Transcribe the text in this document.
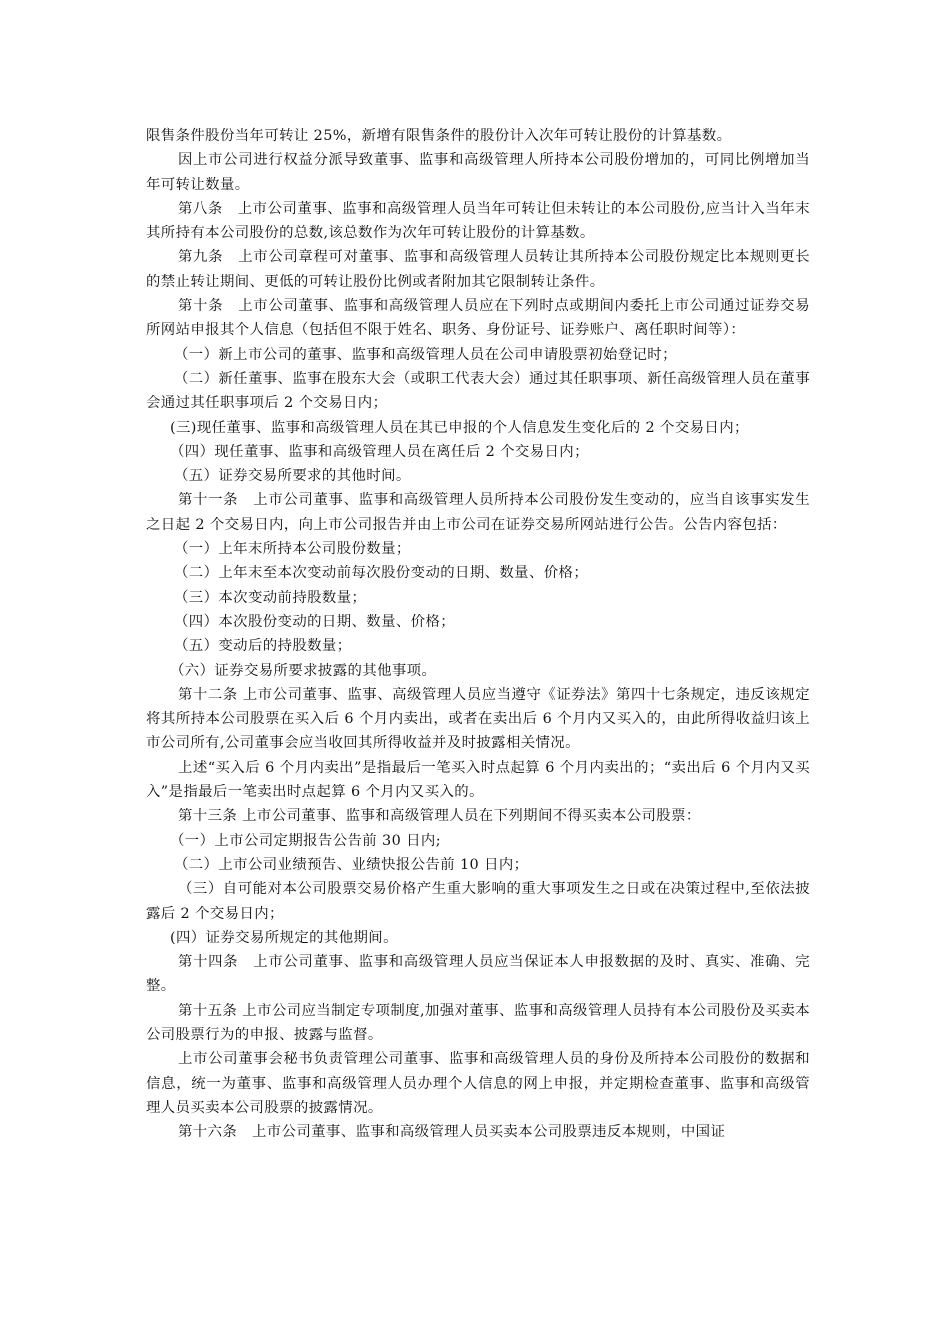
限售条件股份当年可转让 25%，新增有限售条件的股份计入次年可转让股份的计算基数。

因上市公司进行权益分派导致董事、监事和高级管理人所持本公司股份增加的，可同比例增加当年可转让数量。

第八条　上市公司董事、监事和高级管理人员当年可转让但未转让的本公司股份,应当计入当年末其所持有本公司股份的总数,该总数作为次年可转让股份的计算基数。

第九条　上市公司章程可对董事、监事和高级管理人员转让其所持本公司股份规定比本规则更长的禁止转让期间、更低的可转让股份比例或者附加其它限制转让条件。

第十条　上市公司董事、监事和高级管理人员应在下列时点或期间内委托上市公司通过证券交易所网站申报其个人信息（包括但不限于姓名、职务、身份证号、证券账户、离任职时间等）：

（一）新上市公司的董事、监事和高级管理人员在公司申请股票初始登记时；

（二）新任董事、监事在股东大会（或职工代表大会）通过其任职事项、新任高级管理人员在董事会通过其任职事项后 2 个交易日内；

(三)现任董事、监事和高级管理人员在其已申报的个人信息发生变化后的 2 个交易日内；

（四）现任董事、监事和高级管理人员在离任后 2 个交易日内；

（五）证券交易所要求的其他时间。

第十一条　上市公司董事、监事和高级管理人员所持本公司股份发生变动的，应当自该事实发生之日起 2 个交易日内，向上市公司报告并由上市公司在证券交易所网站进行公告。公告内容包括：

（一）上年末所持本公司股份数量；

（二）上年末至本次变动前每次股份变动的日期、数量、价格；

（三）本次变动前持股数量；

（四）本次股份变动的日期、数量、价格；

（五）变动后的持股数量；

（六）证券交易所要求披露的其他事项。

第十二条 上市公司董事、监事、高级管理人员应当遵守《证券法》第四十七条规定，违反该规定将其所持本公司股票在买入后 6 个月内卖出，或者在卖出后 6 个月内又买入的，由此所得收益归该上市公司所有,公司董事会应当收回其所得收益并及时披露相关情况。

上述“买入后 6 个月内卖出”是指最后一笔买入时点起算 6 个月内卖出的；“卖出后 6 个月内又买入”是指最后一笔卖出时点起算 6 个月内又买入的。

第十三条 上市公司董事、监事和高级管理人员在下列期间不得买卖本公司股票：

（一）上市公司定期报告公告前 30 日内;

（二）上市公司业绩预告、业绩快报公告前 10 日内；

（三）自可能对本公司股票交易价格产生重大影响的重大事项发生之日或在决策过程中,至依法披露后 2 个交易日内；

(四）证券交易所规定的其他期间。

第十四条　上市公司董事、监事和高级管理人员应当保证本人申报数据的及时、真实、准确、完整。

第十五条 上市公司应当制定专项制度,加强对董事、监事和高级管理人员持有本公司股份及买卖本公司股票行为的申报、披露与监督。

上市公司董事会秘书负责管理公司董事、监事和高级管理人员的身份及所持本公司股份的数据和信息，统一为董事、监事和高级管理人员办理个人信息的网上申报，并定期检查董事、监事和高级管理人员买卖本公司股票的披露情况。

第十六条　上市公司董事、监事和高级管理人员买卖本公司股票违反本规则，中国证
